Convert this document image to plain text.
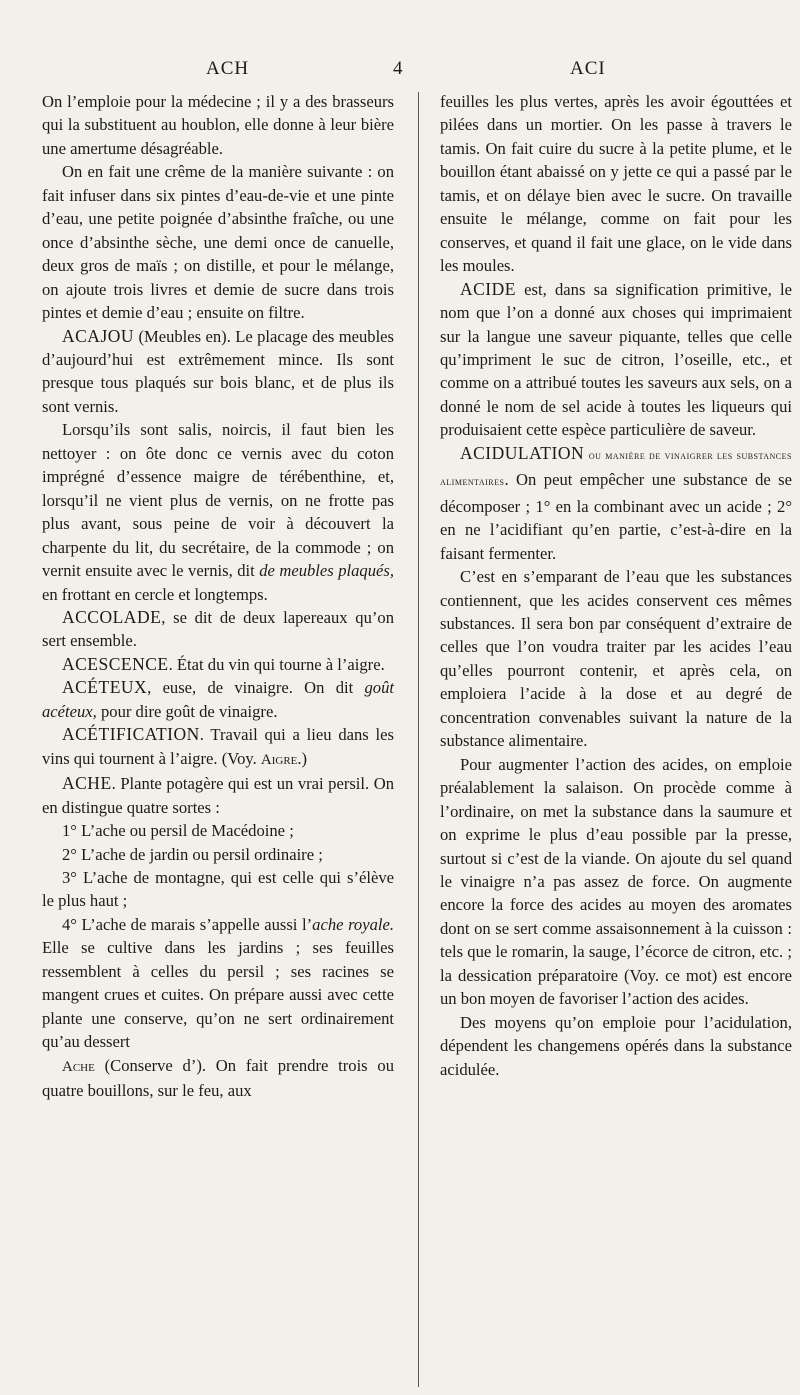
ACH	4	ACI

On l’emploie pour la médecine ; il y a des brasseurs qui la substituent au houblon, elle donne à leur bière une amertume désagréable.

On en fait une crême de la manière suivante : on fait infuser dans six pintes d’eau-de-vie et une pinte d’eau, une petite poignée d’absinthe fraîche, ou une once d’absinthe sèche, une demi once de canuelle, deux gros de maïs ; on distille, et pour le mélange, on ajoute trois livres et demie de sucre dans trois pintes et demie d’eau ; ensuite on filtre.

ACAJOU (Meubles en). Le placage des meubles d’aujourd’hui est extrêmement mince. Ils sont presque tous plaqués sur bois blanc, et de plus ils sont vernis.

Lorsqu’ils sont salis, noircis, il faut bien les nettoyer : on ôte donc ce vernis avec du coton imprégné d’essence maigre de térébenthine, et, lorsqu’il ne vient plus de vernis, on ne frotte pas plus avant, sous peine de voir à découvert la charpente du lit, du secrétaire, de la commode ; on vernit ensuite avec le vernis, dit de meubles plaqués, en frottant en cercle et longtemps.

ACCOLADE, se dit de deux lapereaux qu’on sert ensemble.

ACESCENCE. État du vin qui tourne à l’aigre.

ACÉTEUX, euse, de vinaigre. On dit goût acéteux, pour dire goût de vinaigre.

ACÉTIFICATION. Travail qui a lieu dans les vins qui tournent à l’aigre. (Voy. Aigre.)

ACHE. Plante potagère qui est un vrai persil. On en distingue quatre sortes :

1° L’ache ou persil de Macédoine ;

2° L’ache de jardin ou persil ordinaire ;

3° L’ache de montagne, qui est celle qui s’élève le plus haut ;

4° L’ache de marais s’appelle aussi l’ache royale. Elle se cultive dans les jardins ; ses feuilles ressemblent à celles du persil ; ses racines se mangent crues et cuites. On prépare aussi avec cette plante une conserve, qu’on ne sert ordinairement qu’au dessert

Ache (Conserve d’). On fait prendre trois ou quatre bouillons, sur le feu, aux

feuilles les plus vertes, après les avoir égouttées et pilées dans un mortier. On les passe à travers le tamis. On fait cuire du sucre à la petite plume, et le bouillon étant abaissé on y jette ce qui a passé par le tamis, et on délaye bien avec le sucre. On travaille ensuite le mélange, comme on fait pour les conserves, et quand il fait une glace, on le vide dans les moules.

ACIDE est, dans sa signification primitive, le nom que l’on a donné aux choses qui imprimaient sur la langue une saveur piquante, telles que celle qu’impriment le suc de citron, l’oseille, etc., et comme on a attribué toutes les saveurs aux sels, on a donné le nom de sel acide à toutes les liqueurs qui produisaient cette espèce particulière de saveur.

ACIDULATION ou manière de vinaigrer les substances alimentaires. On peut empêcher une substance de se décomposer ; 1° en la combinant avec un acide ; 2° en ne l’acidifiant qu’en partie, c’est-à-dire en la faisant fermenter.

C’est en s’emparant de l’eau que les substances contiennent, que les acides conservent ces mêmes substances. Il sera bon par conséquent d’extraire de celles que l’on voudra traiter par les acides l’eau qu’elles pourront contenir, et après cela, on emploiera l’acide à la dose et au degré de concentration convenables suivant la nature de la substance alimentaire.

Pour augmenter l’action des acides, on emploie préalablement la salaison. On procède comme à l’ordinaire, on met la substance dans la saumure et on exprime le plus d’eau possible par la presse, surtout si c’est de la viande. On ajoute du sel quand le vinaigre n’a pas assez de force. On augmente encore la force des acides au moyen des aromates dont on se sert comme assaisonnement à la cuisson : tels que le romarin, la sauge, l’écorce de citron, etc. ; la dessication préparatoire (Voy. ce mot) est encore un bon moyen de favoriser l’action des acides.

Des moyens qu’on emploie pour l’acidulation, dépendent les changemens opérés dans la substance acidulée.
